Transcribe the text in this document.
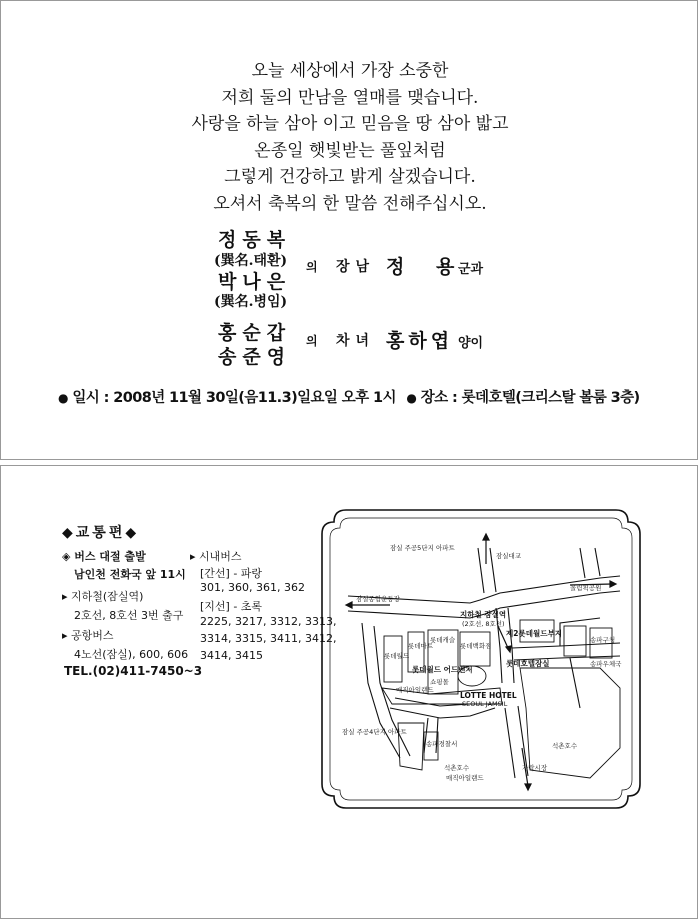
오늘 세상에서 가장 소중한
저희 둘의 만남을 열매를 맺습니다.
사랑을 하늘 삼아 이고 믿음을 땅 삼아 밟고
온종일 햇빛받는 풀잎처럼
그렇게 건강하고 밝게 살겠습니다.
오셔서 축복의 한 말씀 전해주십시오.
정동복
(巽名.태환)
박나은
(巽名.병임)
의 장남 정 용 군과
홍순갑
송준영
의 차녀 홍하엽 양이
● 일시 : 2008년 11월 30일(음11.3)일요일 오후 1시 ● 장소 : 롯데호텔(크리스탈 볼룸 3층)
◆교통편◆
◈ 버스 대절 출발
남인천 전화국 앞 11시
▸ 지하철(잠실역)
2호선, 8호선 3번 출구
▸ 공항버스
4노선(잠실), 600, 606
TEL.(02)411-7450~3
▸ 시내버스
[간선] - 파랑
301, 360, 361, 362
[지선] - 초록
2225, 3217, 3312, 3313,
3314, 3315, 3411, 3412,
3414, 3415
잠실 주공5단지 아파트
잠실종합운동장
잠실대교
올림픽공원
지하철 잠실역
(2호선, 8호선)
제2롯데월드부지
롯데호텔잠실
송파구청
송파우체국
롯데월드 어드벤처
롯데백화점
LOTTE HOTEL
SEOUL JAMSIL
매직아일랜드
잠실 주공4단지 아파트
석촌호수
석촌호수
매직아일랜드
송파경찰서
가락시장
롯데월드
롯데마트
롯데캐슬
쇼핑몰
